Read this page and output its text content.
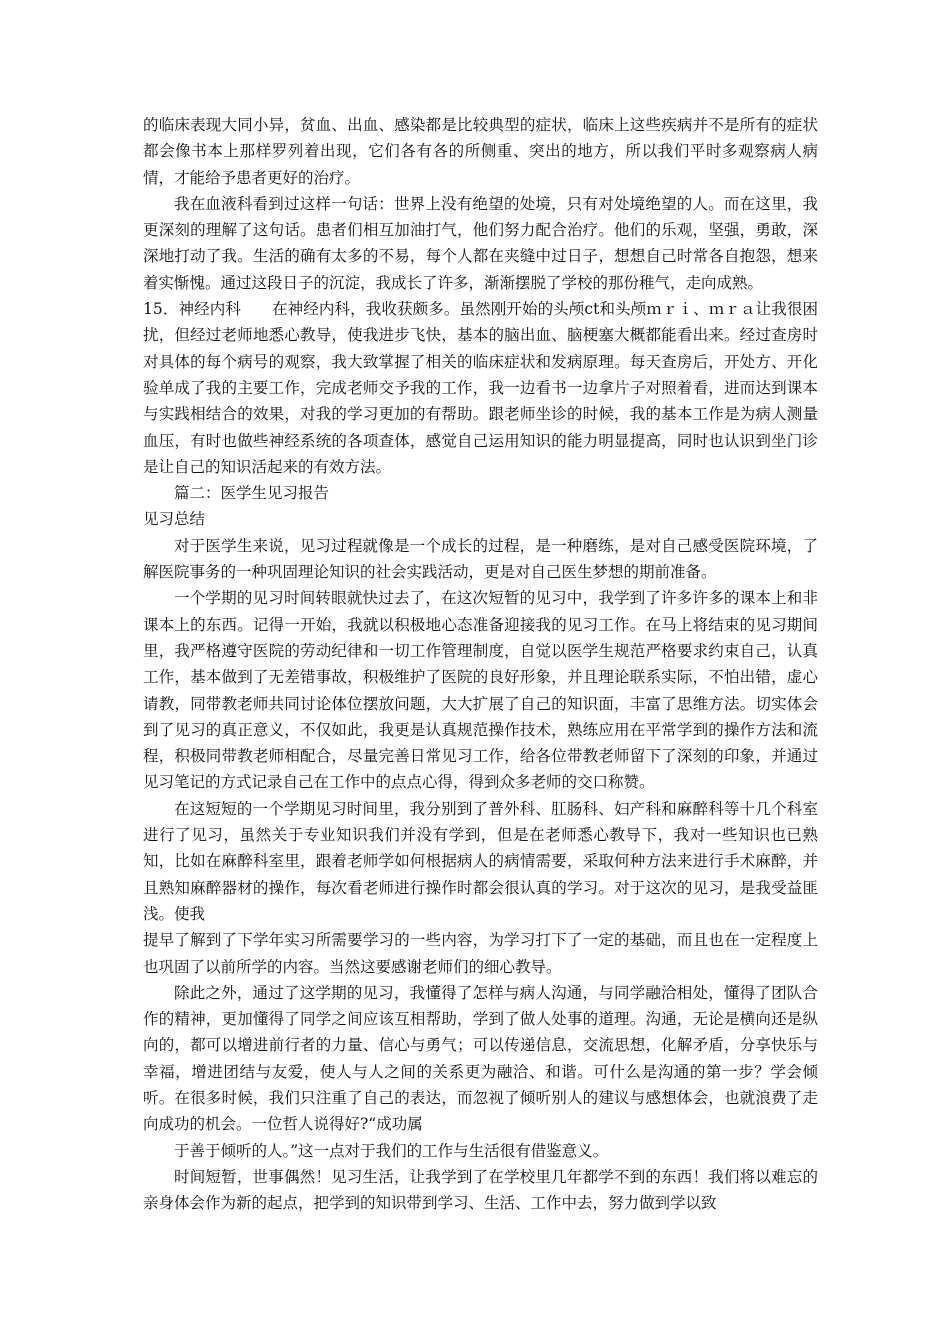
的临床表现大同小异，贫血、出血、感染都是比较典型的症状，临床上这些疾病并不是所有的症状都会像书本上那样罗列着出现，它们各有各的所侧重、突出的地方，所以我们平时多观察病人病情，才能给予患者更好的治疗。

我在血液科看到过这样一句话：世界上没有绝望的处境，只有对处境绝望的人。而在这里，我更深刻的理解了这句话。患者们相互加油打气，他们努力配合治疗。他们的乐观，坚强，勇敢，深深地打动了我。生活的确有太多的不易，每个人都在夹缝中过日子，想想自己时常各自抱怨，想来着实惭愧。通过这段日子的沉淀，我成长了许多，渐渐摆脱了学校的那份稚气，走向成熟。

15．神经内科 在神经内科，我收获颇多。虽然刚开始的头颅ct和头颅ｍｒｉ、ｍｒａ让我很困扰，但经过老师地悉心教导，使我进步飞快，基本的脑出血、脑梗塞大概都能看出来。经过查房时对具体的每个病号的观察，我大致掌握了相关的临床症状和发病原理。每天查房后，开处方、开化验单成了我的主要工作，完成老师交予我的工作，我一边看书一边拿片子对照着看，进而达到课本与实践相结合的效果，对我的学习更加的有帮助。跟老师坐诊的时候，我的基本工作是为病人测量血压，有时也做些神经系统的各项查体，感觉自己运用知识的能力明显提高，同时也认识到坐门诊是让自己的知识活起来的有效方法。

篇二：医学生见习报告

见习总结

对于医学生来说，见习过程就像是一个成长的过程，是一种磨练，是对自己感受医院环境，了解医院事务的一种巩固理论知识的社会实践活动，更是对自己医生梦想的期前准备。

一个学期的见习时间转眼就快过去了，在这次短暂的见习中，我学到了许多许多的课本上和非课本上的东西。记得一开始，我就以积极地心态准备迎接我的见习工作。在马上将结束的见习期间里，我严格遵守医院的劳动纪律和一切工作管理制度，自觉以医学生规范严格要求约束自己，认真工作，基本做到了无差错事故，积极维护了医院的良好形象，并且理论联系实际，不怕出错，虚心请教，同带教老师共同讨论体位摆放问题，大大扩展了自己的知识面，丰富了思维方法。切实体会到了见习的真正意义，不仅如此，我更是认真规范操作技术，熟练应用在平常学到的操作方法和流程，积极同带教老师相配合，尽量完善日常见习工作，给各位带教老师留下了深刻的印象，并通过见习笔记的方式记录自己在工作中的点点心得，得到众多老师的交口称赞。

在这短短的一个学期见习时间里，我分别到了普外科、肛肠科、妇产科和麻醉科等十几个科室进行了见习，虽然关于专业知识我们并没有学到，但是在老师悉心教导下，我对一些知识也已熟知，比如在麻醉科室里，跟着老师学如何根据病人的病情需要，采取何种方法来进行手术麻醉，并且熟知麻醉器材的操作，每次看老师进行操作时都会很认真的学习。对于这次的见习，是我受益匪浅。使我

提早了解到了下学年实习所需要学习的一些内容，为学习打下了一定的基础，而且也在一定程度上也巩固了以前所学的内容。当然这要感谢老师们的细心教导。

除此之外，通过了这学期的见习，我懂得了怎样与病人沟通，与同学融洽相处，懂得了团队合作的精神，更加懂得了同学之间应该互相帮助，学到了做人处事的道理。沟通，无论是横向还是纵向的，都可以增进前行者的力量、信心与勇气；可以传递信息，交流思想，化解矛盾，分享快乐与幸福，增进团结与友爱，使人与人之间的关系更为融洽、和谐。可什么是沟通的第一步？学会倾听。在很多时候，我们只注重了自己的表达，而忽视了倾听别人的建议与感想体会，也就浪费了走向成功的机会。一位哲人说得好?“成功属

于善于倾听的人。”这一点对于我们的工作与生活很有借鉴意义。

时间短暂，世事偶然！见习生活，让我学到了在学校里几年都学不到的东西！我们将以难忘的亲身体会作为新的起点，把学到的知识带到学习、生活、工作中去，努力做到学以致
